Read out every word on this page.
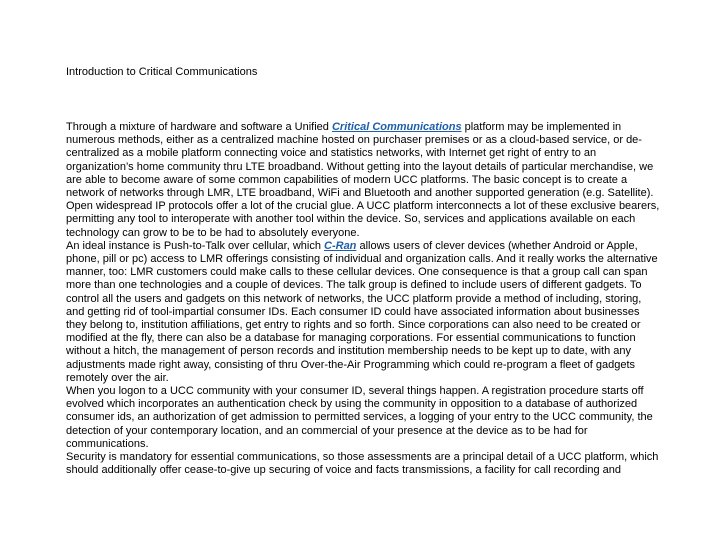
Introduction to Critical Communications

Through a mixture of hardware and software a Unified Critical Communications platform may be implemented in numerous methods, either as a centralized machine hosted on purchaser premises or as a cloud-based service, or de-centralized as a mobile platform connecting voice and statistics networks, with Internet get right of entry to an organization’s home community thru LTE broadband. Without getting into the layout details of particular merchandise, we are able to become aware of some common capabilities of modern UCC platforms. The basic concept is to create a network of networks through LMR, LTE broadband, WiFi and Bluetooth and another supported generation (e.g. Satellite). Open widespread IP protocols offer a lot of the crucial glue. A UCC platform interconnects a lot of these exclusive bearers, permitting any tool to interoperate with another tool within the device. So, services and applications available on each technology can grow to be to be had to absolutely everyone.

An ideal instance is Push-to-Talk over cellular, which C-Ran allows users of clever devices (whether Android or Apple, phone, pill or pc) access to LMR offerings consisting of individual and organization calls. And it really works the alternative manner, too: LMR customers could make calls to these cellular devices. One consequence is that a group call can span more than one technologies and a couple of devices. The talk group is defined to include users of different gadgets. To control all the users and gadgets on this network of networks, the UCC platform provide a method of including, storing, and getting rid of tool-impartial consumer IDs. Each consumer ID could have associated information about businesses they belong to, institution affiliations, get entry to rights and so forth. Since corporations can also need to be created or modified at the fly, there can also be a database for managing corporations. For essential communications to function without a hitch, the management of person records and institution membership needs to be kept up to date, with any adjustments made right away, consisting of thru Over-the-Air Programming which could re-program a fleet of gadgets remotely over the air.

When you logon to a UCC community with your consumer ID, several things happen. A registration procedure starts off evolved which incorporates an authentication check by using the community in opposition to a database of authorized consumer ids, an authorization of get admission to permitted services, a logging of your entry to the UCC community, the detection of your contemporary location, and an commercial of your presence at the device as to be had for communications.

Security is mandatory for essential communications, so those assessments are a principal detail of a UCC platform, which should additionally offer cease-to-give up securing of voice and facts transmissions, a facility for call recording and
